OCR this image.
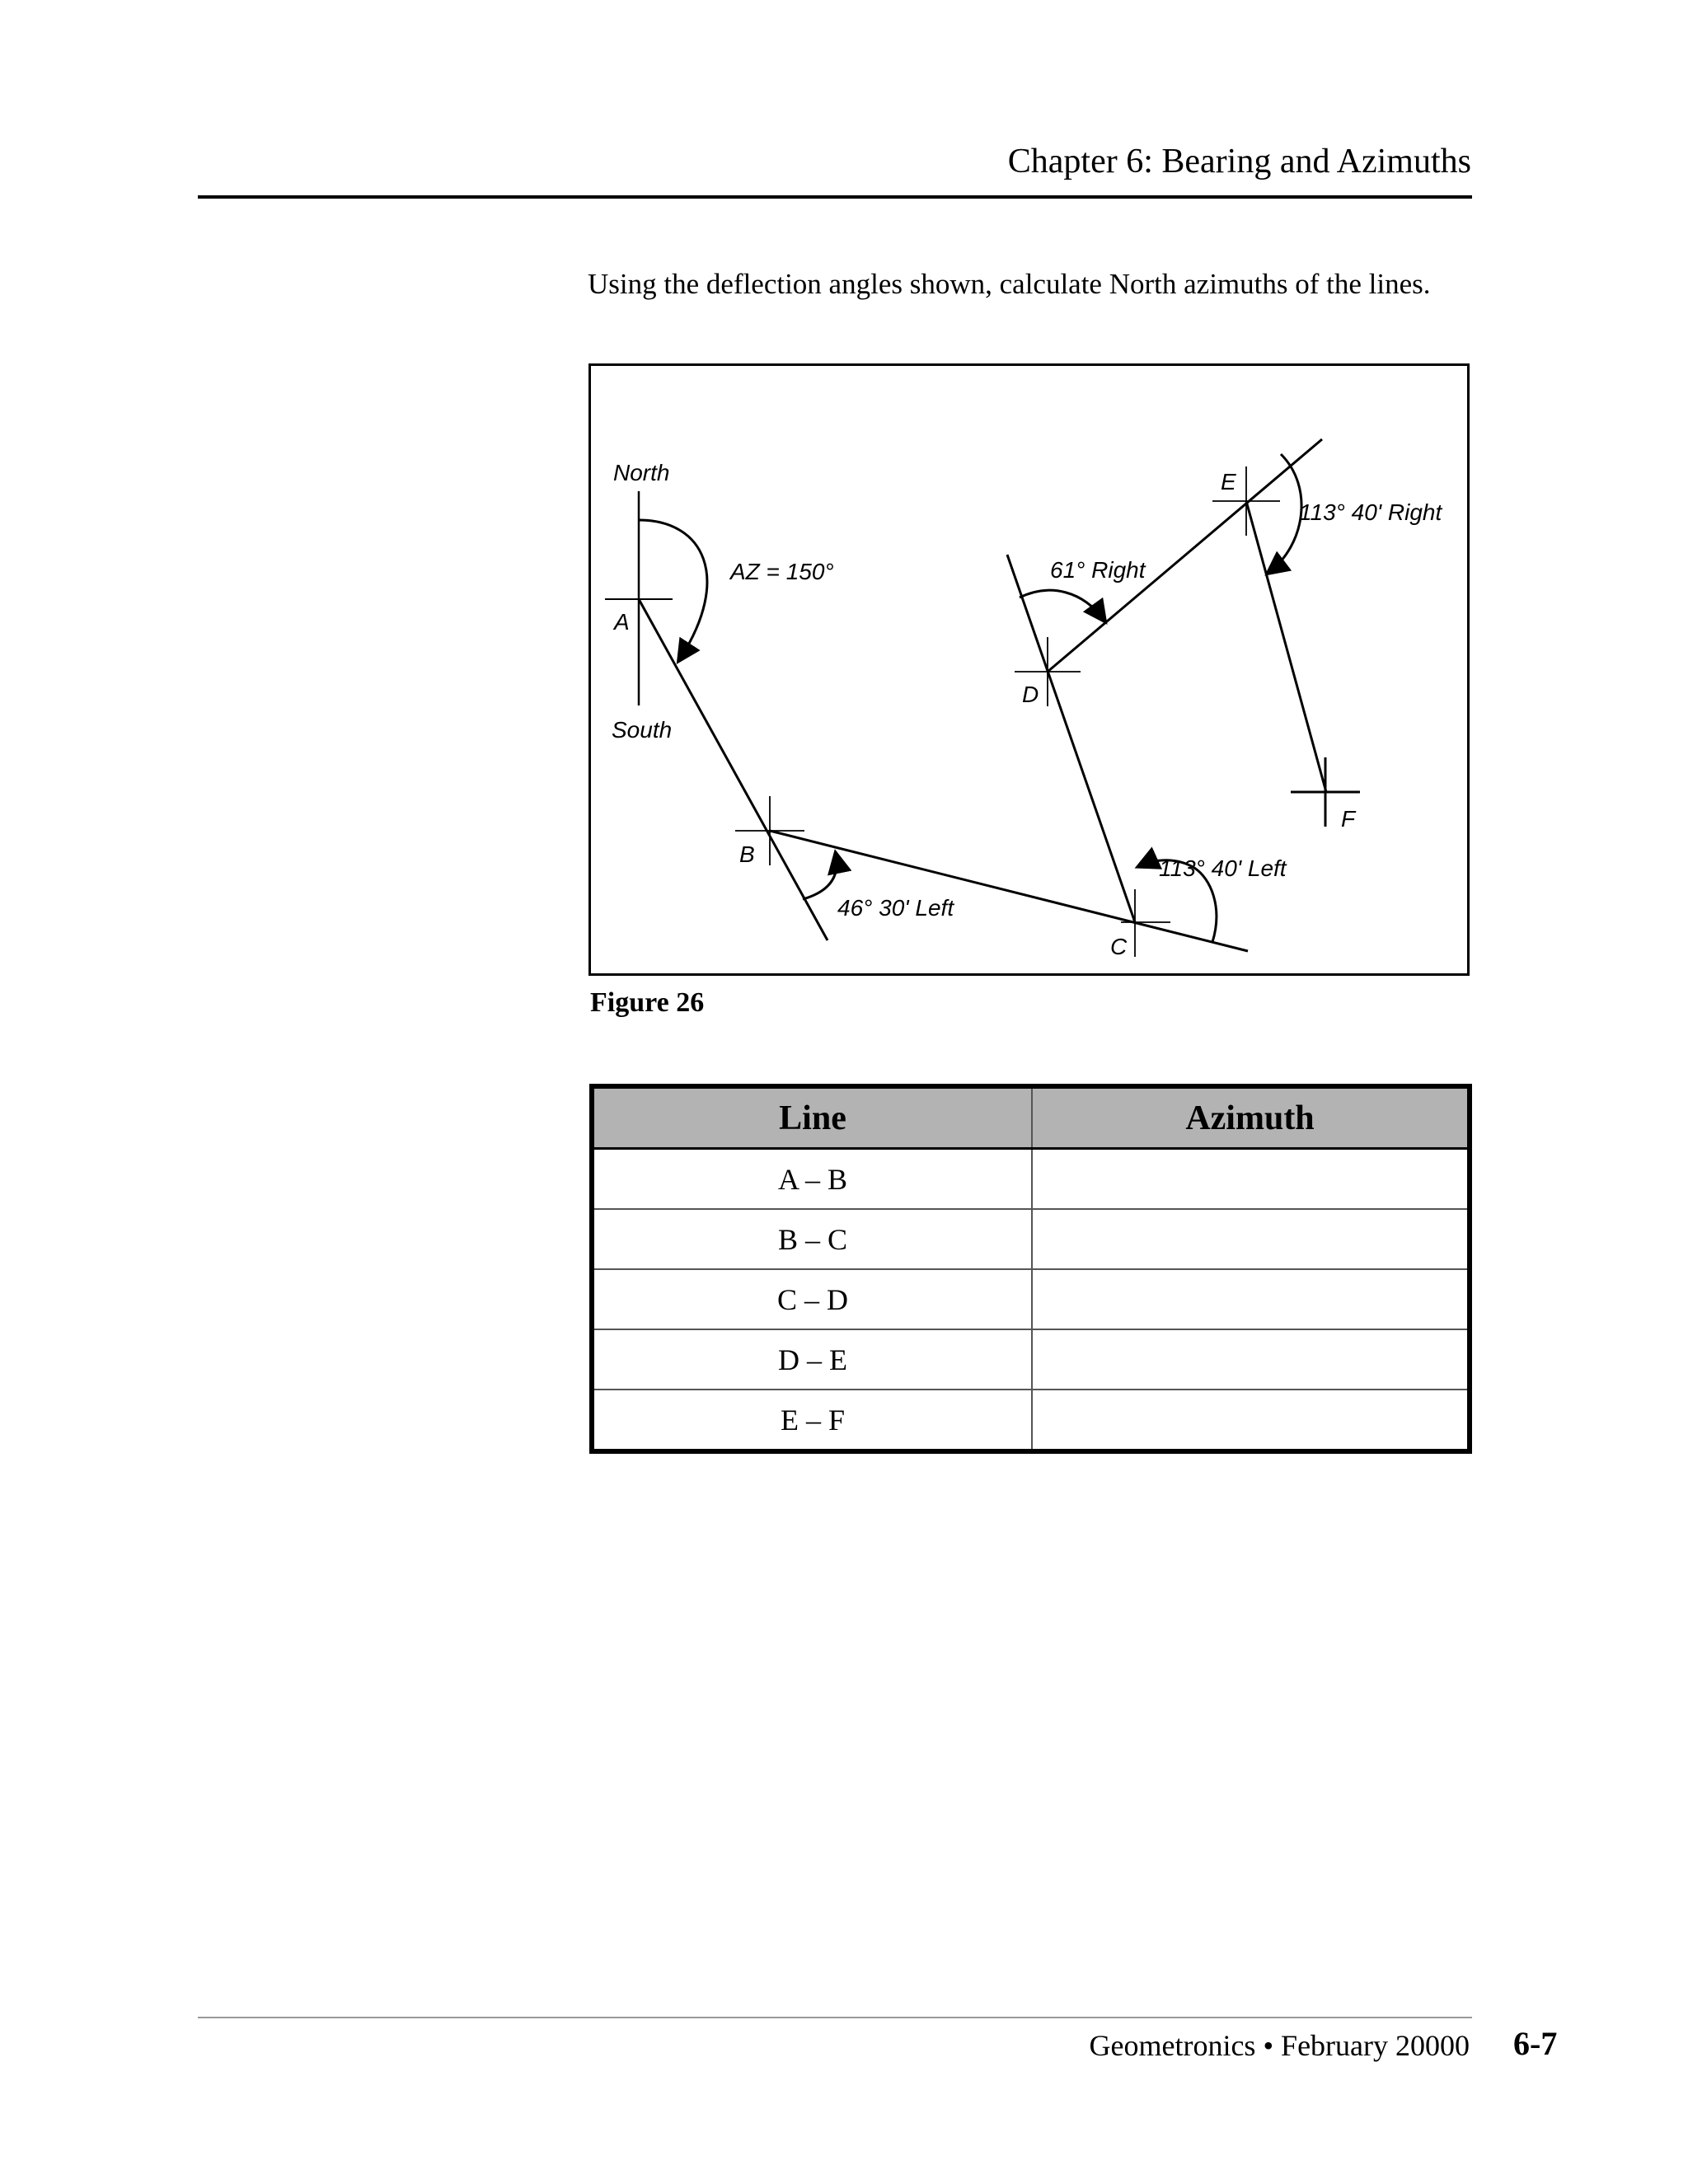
Chapter 6: Bearing and Azimuths
Using the deflection angles shown, calculate North azimuths of the lines.
North
South
A
B
C
D
E
F
AZ = 150°
46° 30' Left
113° 40' Left
61° Right
113° 40' Right
Figure 26
Line	Azimuth
A – B	
B – C	
C – D	
D – E	
E – F	
Geometronics • February 20000 6-7
